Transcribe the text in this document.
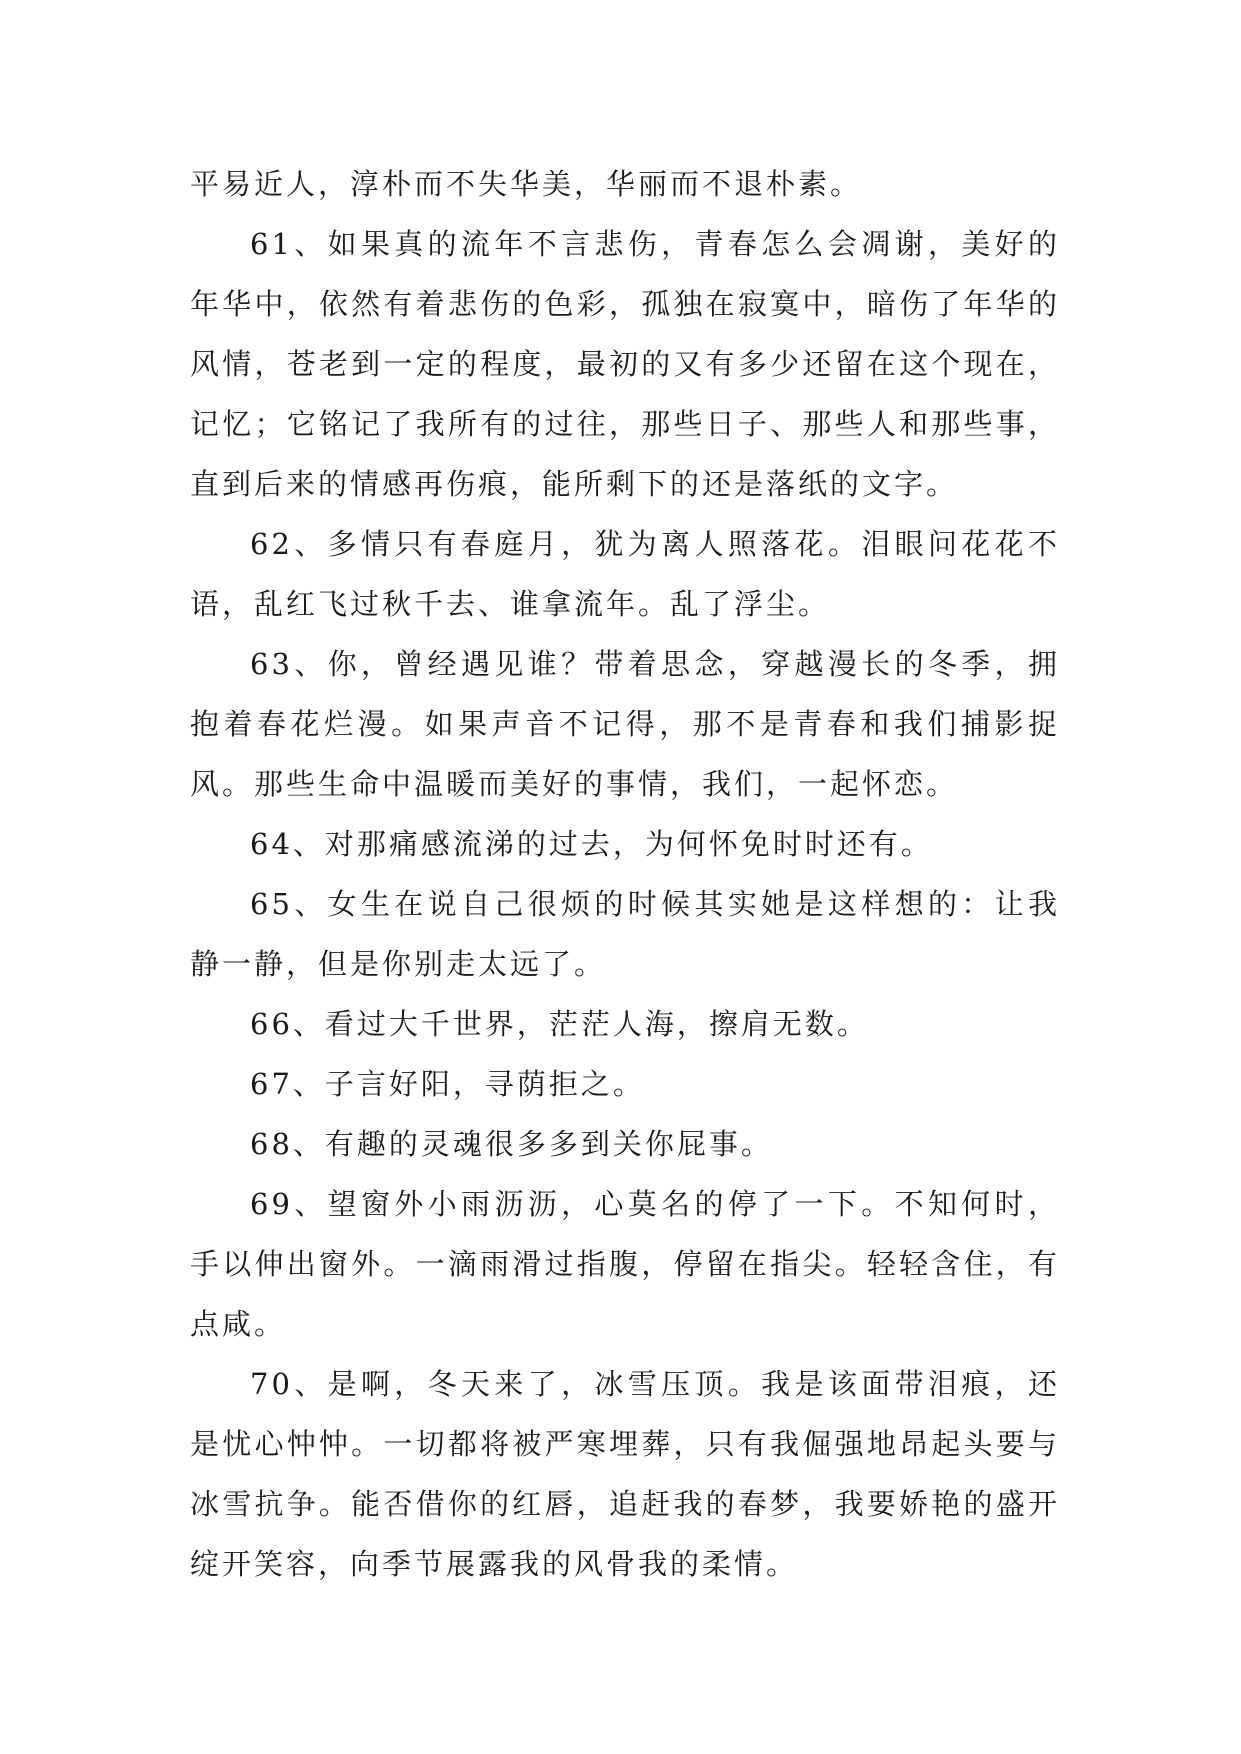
平易近人，淳朴而不失华美，华丽而不退朴素。

61、如果真的流年不言悲伤，青春怎么会凋谢，美好的年华中，依然有着悲伤的色彩，孤独在寂寞中，暗伤了年华的风情，苍老到一定的程度，最初的又有多少还留在这个现在，记忆；它铭记了我所有的过往，那些日子、那些人和那些事，直到后来的情感再伤痕，能所剩下的还是落纸的文字。

62、多情只有春庭月，犹为离人照落花。泪眼问花花不语，乱红飞过秋千去、谁拿流年。乱了浮尘。

63、你，曾经遇见谁？带着思念，穿越漫长的冬季，拥抱着春花烂漫。如果声音不记得，那不是青春和我们捕影捉风。那些生命中温暖而美好的事情，我们，一起怀恋。

64、对那痛感流涕的过去，为何怀免时时还有。

65、女生在说自己很烦的时候其实她是这样想的：让我静一静，但是你别走太远了。

66、看过大千世界，茫茫人海，擦肩无数。

67、子言好阳，寻荫拒之。

68、有趣的灵魂很多多到关你屁事。

69、望窗外小雨沥沥，心莫名的停了一下。不知何时，手以伸出窗外。一滴雨滑过指腹，停留在指尖。轻轻含住，有点咸。

70、是啊，冬天来了，冰雪压顶。我是该面带泪痕，还是忧心忡忡。一切都将被严寒埋葬，只有我倔强地昂起头要与冰雪抗争。能否借你的红唇，追赶我的春梦，我要娇艳的盛开绽开笑容，向季节展露我的风骨我的柔情。
